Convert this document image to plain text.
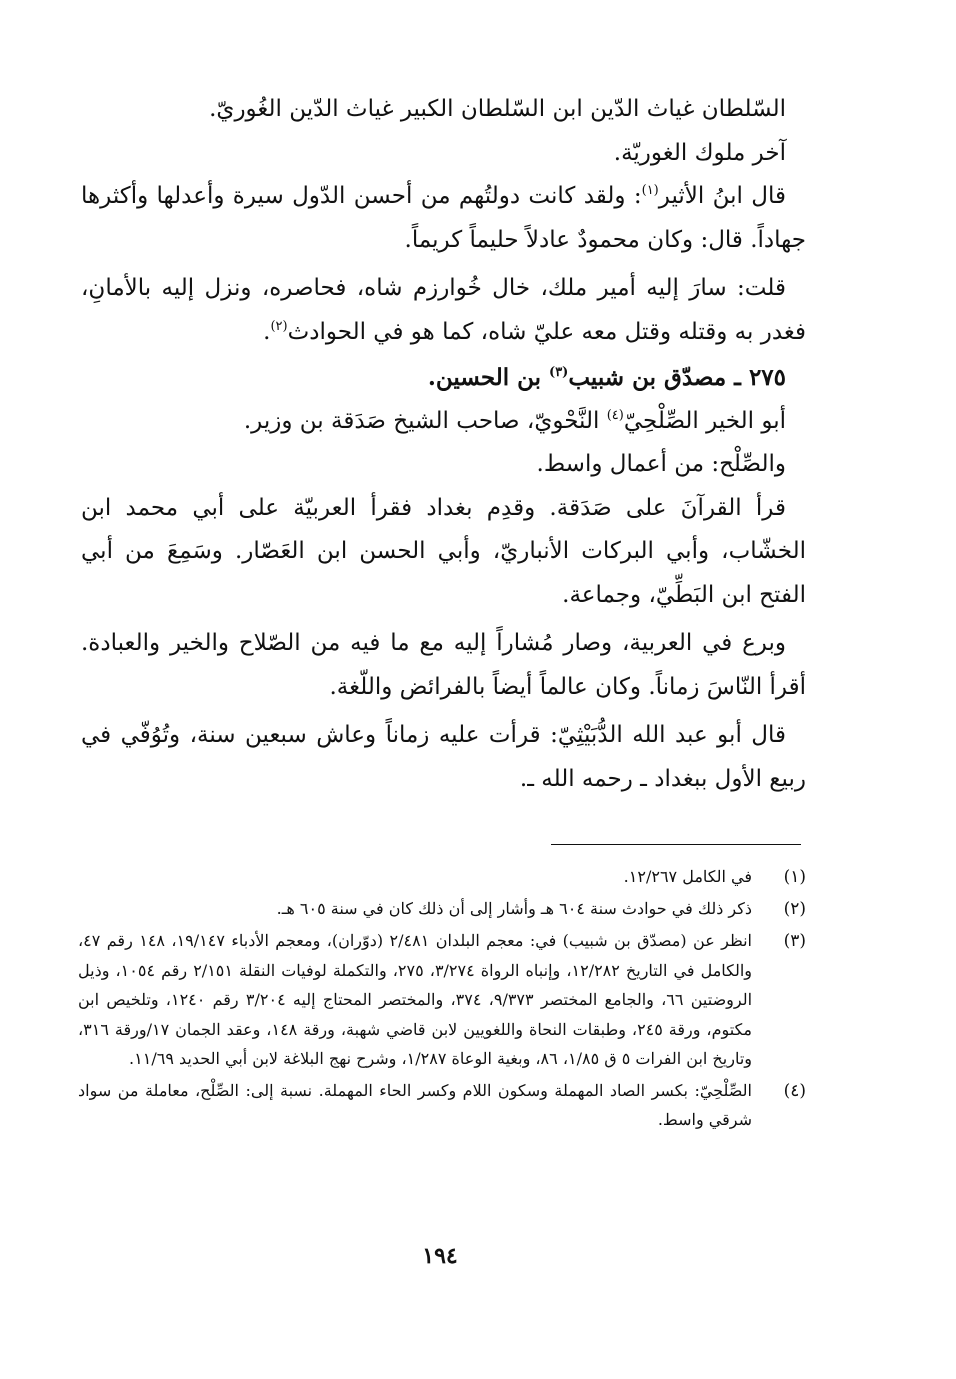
السّلطان غياث الدّين ابن السّلطان الكبير غياث الدّين الغُوريّ.

آخر ملوك الغوريّة.

قال ابنُ الأثير$^{(١)}$: ولقد كانت دولتُهم من أحسن الدّول سيرة وأعدلها وأكثرها جهاداً. قال: وكان محمودٌ عادلاً حليماً كريماً.

قلت: سارَ إليه أمير ملك، خال خُوارزم شاه، فحاصره، ونزل إليه بالأمانِ، فغدر به وقتله وقتل معه عليّ شاه، كما هو في الحوادث$^{(٢)}$.

٢٧٥ ـ مصدّق بن شبيب$^{(٣)}$ بن الحسين.

أبو الخير الصِّلْحِيّ$^{(٤)}$ النَّحْويّ، صاحب الشيخ صَدَقة بن وزير.

والصِّلْح: من أعمال واسط.

قرأ القرآنَ على صَدَقة. وقدِم بغداد فقرأ العربيّة على أبي محمد ابن الخشّاب، وأبي البركات الأنباريّ، وأبي الحسن ابن العَصّار. وسَمِعَ من أبي الفتح ابن البَطِّيّ، وجماعة.

وبرع في العربية، وصار مُشاراً إليه مع ما فيه من الصّلاح والخير والعبادة. أقرأ النّاسَ زماناً. وكان عالماً أيضاً بالفرائض واللّغة.

قال أبو عبد الله الدُّبَيْثِيّ: قرأت عليه زماناً وعاش سبعين سنة، وتُوُفّي في ربيع الأول ببغداد ـ رحمه الله ـ.

(١)
في الكامل ١٢/٢٦٧.
(٢)
ذكر ذلك في حوادث سنة ٦٠٤ هـ وأشار إلى أن ذلك كان في سنة ٦٠٥ هـ.
(٣)
انظر عن (مصدّق بن شبيب) في: معجم البلدان ٢/٤٨١ (دوّران)، ومعجم الأدباء ١٩/١٤٧، ١٤٨ رقم ٤٧، والكامل في التاريخ ١٢/٢٨٢، وإنباه الرواة ٣/٢٧٤، ٢٧٥، والتكملة لوفيات النقلة ٢/١٥١ رقم ١٠٥٤، وذيل الروضتين ٦٦، والجامع المختصر ٩/٣٧٣، ٣٧٤، والمختصر المحتاج إليه ٣/٢٠٤ رقم ١٢٤٠، وتلخيص ابن مكتوم، ورقة ٢٤٥، وطبقات النحاة واللغويين لابن قاضي شهبة، ورقة ١٤٨، وعقد الجمان ١٧/ورقة ٣١٦، وتاريخ ابن الفرات ٥ ق ١/٨٥، ٨٦، وبغية الوعاة ١/٢٨٧، وشرح نهج البلاغة لابن أبي الحديد ١١/٦٩.
(٤)
الصِّلْحِيّ: بكسر الصاد المهملة وسكون اللام وكسر الحاء المهملة. نسبة إلى: الصِّلْح، معاملة من سواد شرقي واسط.
١٩٤
